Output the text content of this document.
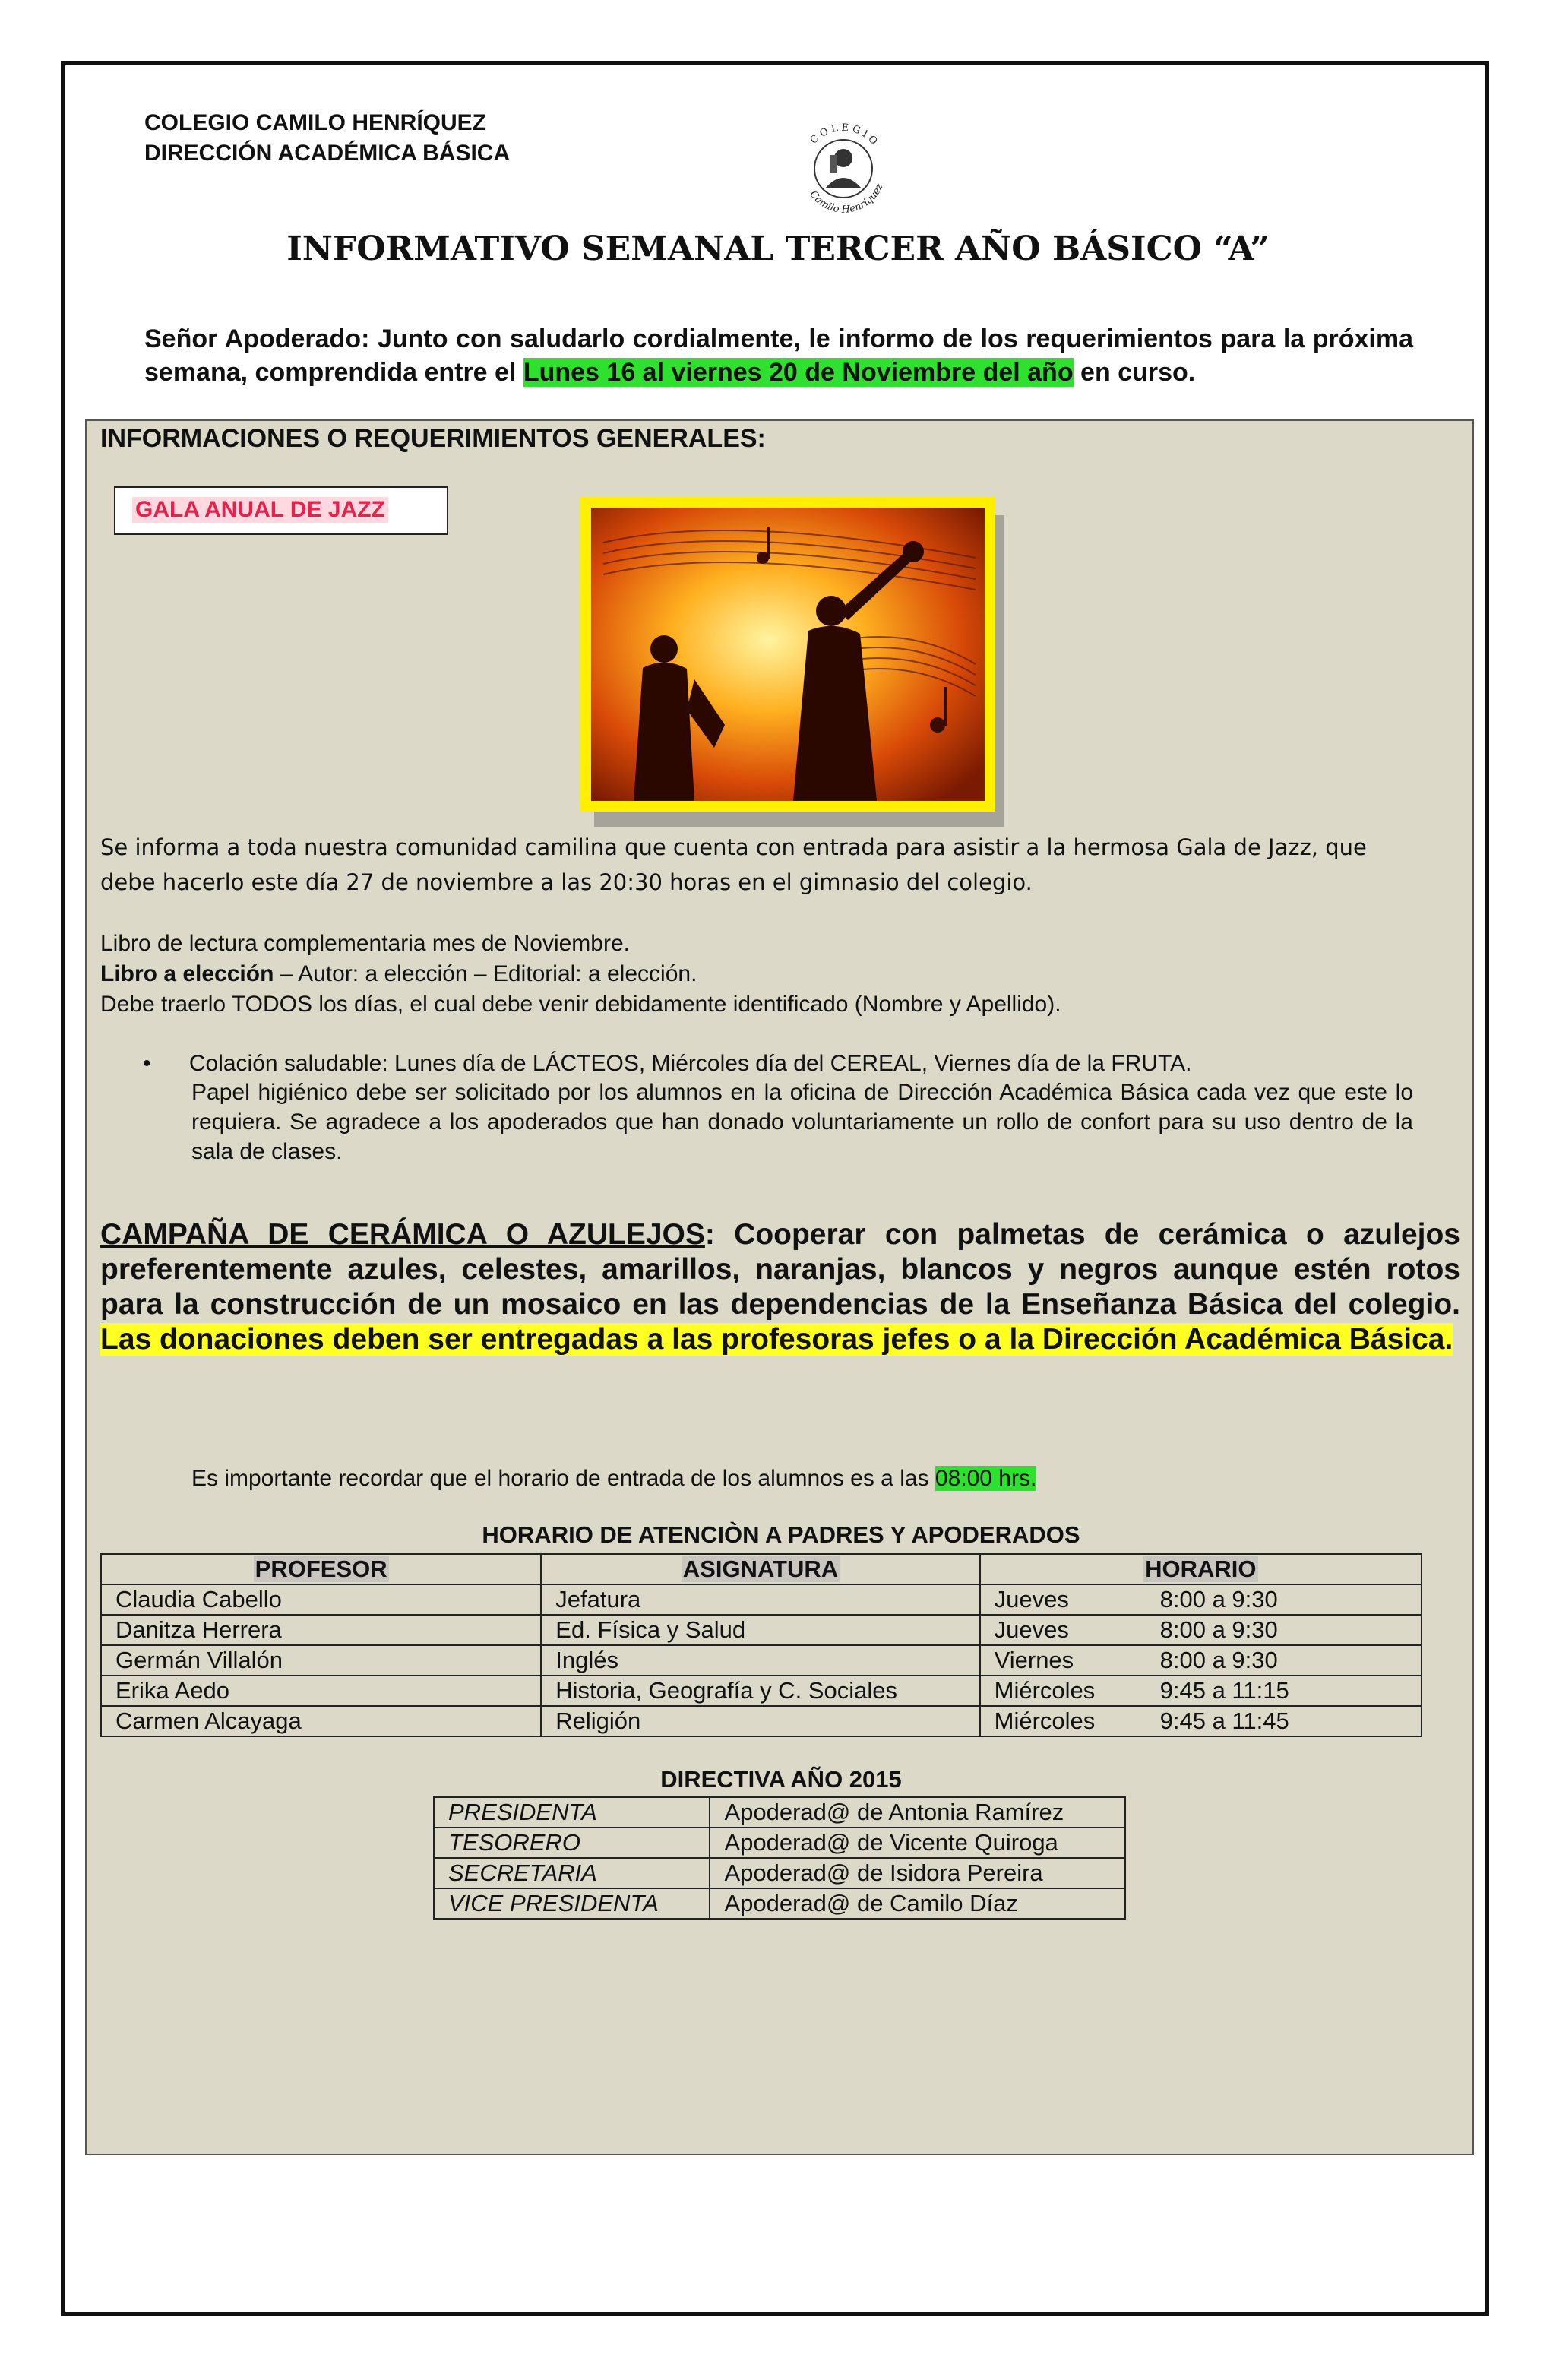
COLEGIO CAMILO HENRÍQUEZ
DIRECCIÓN ACADÉMICA BÁSICA
COLEGIO
Camilo Henríquez
INFORMATIVO SEMANAL TERCER AÑO BÁSICO “A”
Señor Apoderado: Junto con saludarlo cordialmente, le informo de los requerimientos para la próxima semana, comprendida entre el Lunes 16 al viernes 20 de Noviembre del año en curso.
INFORMACIONES O REQUERIMIENTOS GENERALES:
GALA ANUAL DE JAZZ
Se informa a toda nuestra comunidad camilina que cuenta con entrada para asistir a la hermosa Gala de Jazz, que
debe hacerlo este día 27 de noviembre a las 20:30 horas en el gimnasio del colegio.
Libro de lectura complementaria mes de Noviembre.
Libro a elección – Autor: a elección – Editorial: a elección.
Debe traerlo TODOS los días, el cual debe venir debidamente identificado (Nombre y Apellido).
• Colación saludable: Lunes día de LÁCTEOS, Miércoles día del CEREAL, Viernes día de la FRUTA.
Papel higiénico debe ser solicitado por los alumnos en la oficina de Dirección Académica Básica cada vez que este lo requiera. Se agradece a los apoderados que han donado voluntariamente un rollo de confort para su uso dentro de la sala de clases.
CAMPAÑA DE CERÁMICA O AZULEJOS: Cooperar con palmetas de cerámica o azulejos preferentemente azules, celestes, amarillos, naranjas, blancos y negros aunque estén rotos para la construcción de un mosaico en las dependencias de la Enseñanza Básica del colegio. Las donaciones deben ser entregadas a las profesoras jefes o a la Dirección Académica Básica.
Es importante recordar que el horario de entrada de los alumnos es a las 08:00 hrs.
HORARIO DE ATENCIÒN A PADRES Y APODERADOS
PROFESOR	ASIGNATURA	HORARIO
Claudia Cabello	Jefatura	Jueves 8:00 a 9:30
Danitza Herrera	Ed. Física y Salud	Jueves 8:00 a 9:30
Germán Villalón	Inglés	Viernes 8:00 a 9:30
Erika Aedo	Historia, Geografía y C. Sociales	Miércoles 9:45 a 11:15
Carmen Alcayaga	Religión	Miércoles 9:45 a 11:45
DIRECTIVA AÑO 2015
PRESIDENTA	Apoderad@ de Antonia Ramírez
TESORERO	Apoderad@ de Vicente Quiroga
SECRETARIA	Apoderad@ de Isidora Pereira
VICE PRESIDENTA	Apoderad@ de Camilo Díaz
